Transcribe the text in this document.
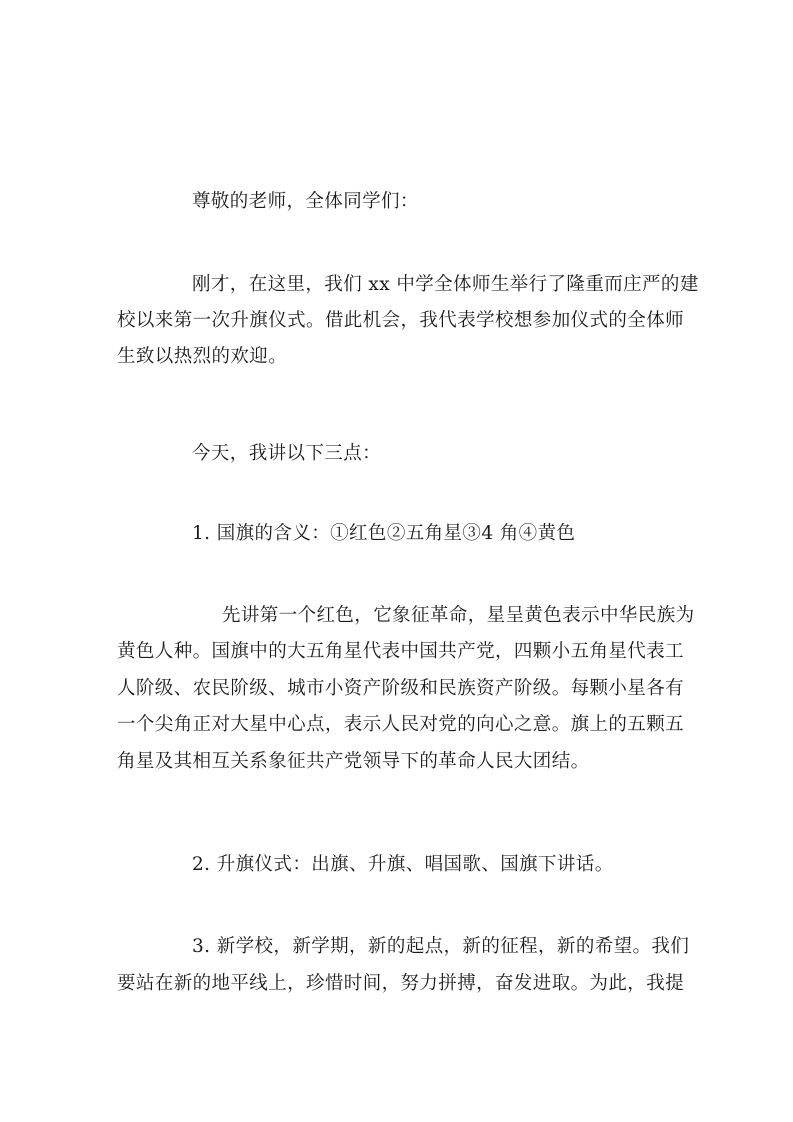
尊敬的老师，全体同学们：
刚才，在这里，我们 xx 中学全体师生举行了隆重而庄严的建
校以来第一次升旗仪式。借此机会，我代表学校想参加仪式的全体师
生致以热烈的欢迎。
今天，我讲以下三点：
1. 国旗的含义：①红色②五角星③4 角④黄色
先讲第一个红色，它象征革命，星呈黄色表示中华民族为
黄色人种。国旗中的大五角星代表中国共产党，四颗小五角星代表工
人阶级、农民阶级、城市小资产阶级和民族资产阶级。每颗小星各有
一个尖角正对大星中心点，表示人民对党的向心之意。旗上的五颗五
角星及其相互关系象征共产党领导下的革命人民大团结。
2. 升旗仪式：出旗、升旗、唱国歌、国旗下讲话。
3. 新学校，新学期，新的起点，新的征程，新的希望。我们
要站在新的地平线上，珍惜时间，努力拼搏，奋发进取。为此，我提
